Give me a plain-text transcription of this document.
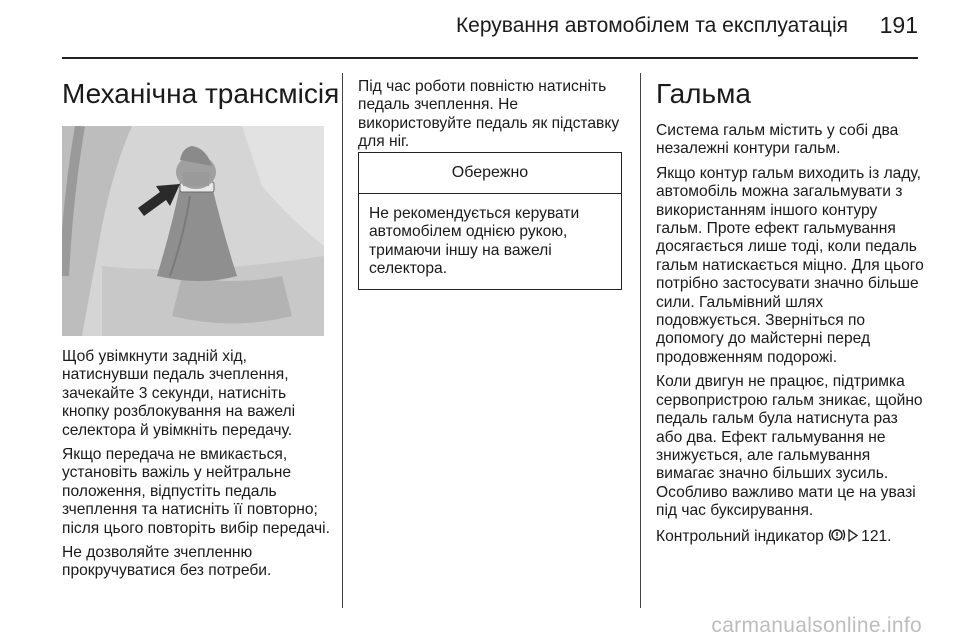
Керування автомобілем та експлуатація 191
Механічна трансмісія

Щоб увімкнути задній хід, натиснувши педаль зчеплення, зачекайте 3 секунди, натисніть кнопку розблокування на важелі селектора й увімкніть передачу.

Якщо передача не вмикається, установіть важіль у нейтральне положення, відпустіть педаль зчеплення та натисніть її повторно; після цього повторіть вибір передачі.

Не дозволяйте зчепленню прокручуватися без потреби.

Під час роботи повністю натисніть педаль зчеплення. Не використовуйте педаль як підставку для ніг.

Обережно
Не рекомендується керувати автомобілем однією рукою, тримаючи іншу на важелі селектора.
Гальма

Система гальм містить у собі два незалежні контури гальм.

Якщо контур гальм виходить із ладу, автомобіль можна загальмувати з використанням іншого контуру гальм. Проте ефект гальмування досягається лише тоді, коли педаль гальм натискається міцно. Для цього потрібно застосувати значно більше сили. Гальмівний шлях подовжується. Зверніться по допомогу до майстерні перед продовженням подорожі.

Коли двигун не працює, підтримка сервопристрою гальм зникає, щойно педаль гальм була натиснута раз або два. Ефект гальмування не знижується, але гальмування вимагає значно більших зусиль. Особливо важливо мати це на увазі під час буксирування.

Контрольний індикатор 121.

carmanualsonline.info
